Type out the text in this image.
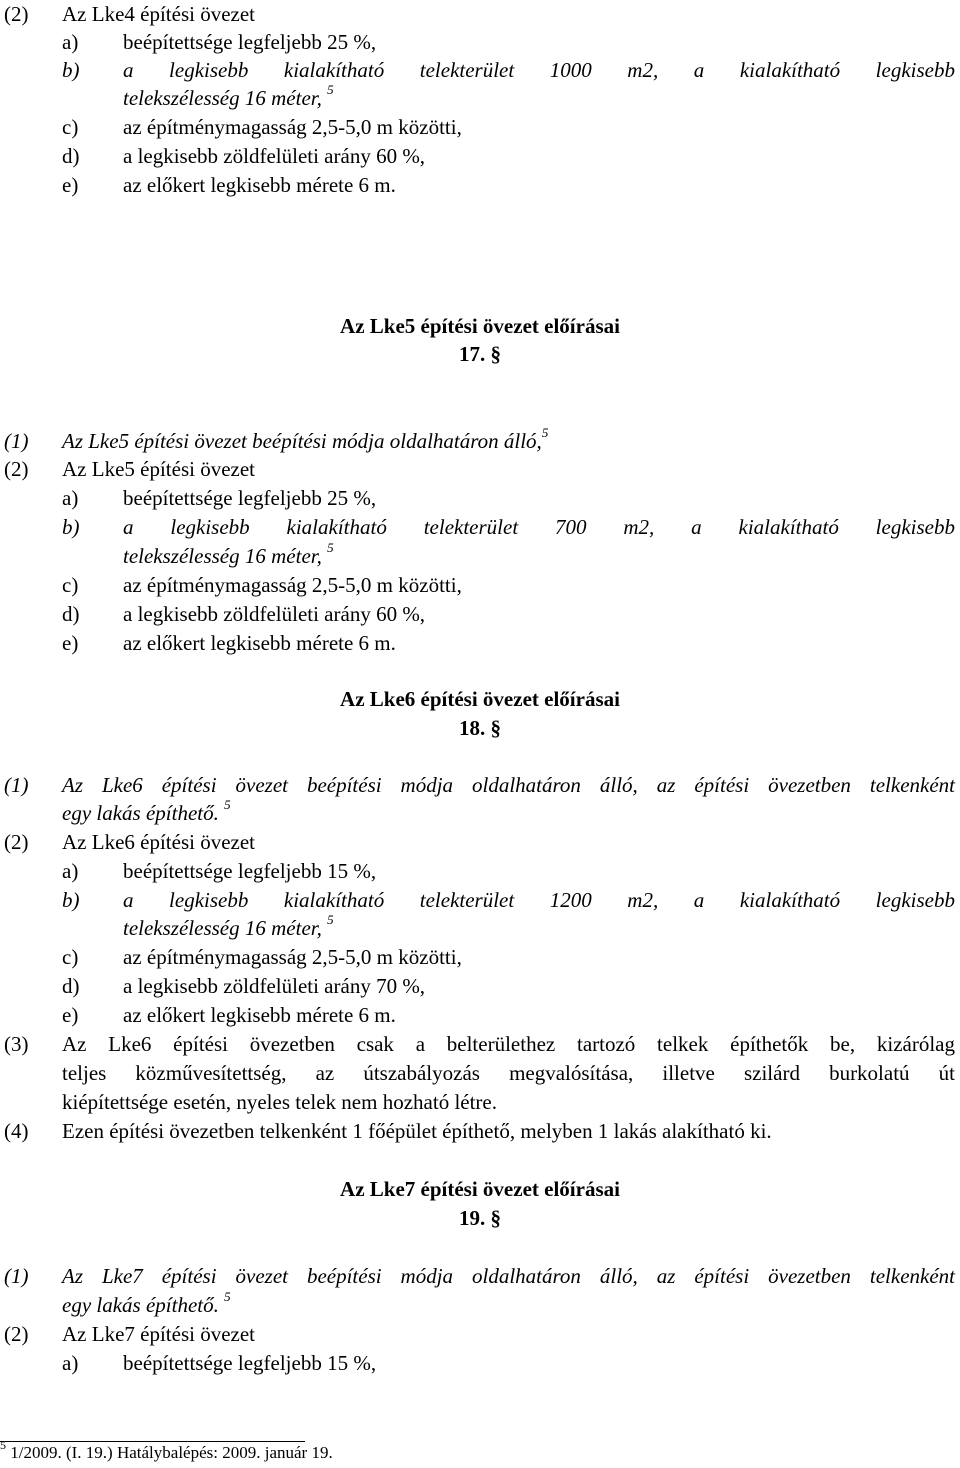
(2) Az Lke4 építési övezet
a) beépítettsége legfeljebb 25 %,
b) a legkisebb kialakítható telekterület 1000 m2, a kialakítható legkisebb
telekszélesség 16 méter, $^5$
c) az építménymagasság 2,5-5,0 m közötti,
d) a legkisebb zöldfelületi arány 60 %,
e) az előkert legkisebb mérete 6 m.
Az Lke5 építési övezet előírásai
17. §
(1) Az Lke5 építési övezet beépítési módja oldalhatáron álló,$^5$
(2) Az Lke5 építési övezet
a) beépítettsége legfeljebb 25 %,
b) a legkisebb kialakítható telekterület 700 m2, a kialakítható legkisebb
telekszélesség 16 méter, $^5$
c) az építménymagasság 2,5-5,0 m közötti,
d) a legkisebb zöldfelületi arány 60 %,
e) az előkert legkisebb mérete 6 m.
Az Lke6 építési övezet előírásai
18. §
(1) Az Lke6 építési övezet beépítési módja oldalhatáron álló, az építési övezetben telkenként
egy lakás építhető. $^5$
(2) Az Lke6 építési övezet
a) beépítettsége legfeljebb 15 %,
b) a legkisebb kialakítható telekterület 1200 m2, a kialakítható legkisebb
telekszélesség 16 méter, $^5$
c) az építménymagasság 2,5-5,0 m közötti,
d) a legkisebb zöldfelületi arány 70 %,
e) az előkert legkisebb mérete 6 m.
(3) Az Lke6 építési övezetben csak a belterülethez tartozó telkek építhetők be, kizárólag
teljes közművesítettség, az útszabályozás megvalósítása, illetve szilárd burkolatú út
kiépítettsége esetén, nyeles telek nem hozható létre.
(4) Ezen építési övezetben telkenként 1 főépület építhető, melyben 1 lakás alakítható ki.
Az Lke7 építési övezet előírásai
19. §
(1) Az Lke7 építési övezet beépítési módja oldalhatáron álló, az építési övezetben telkenként
egy lakás építhető. $^5$
(2) Az Lke7 építési övezet
a) beépítettsége legfeljebb 15 %,
$^5$ 1/2009. (I. 19.) Hatálybalépés: 2009. január 19.
